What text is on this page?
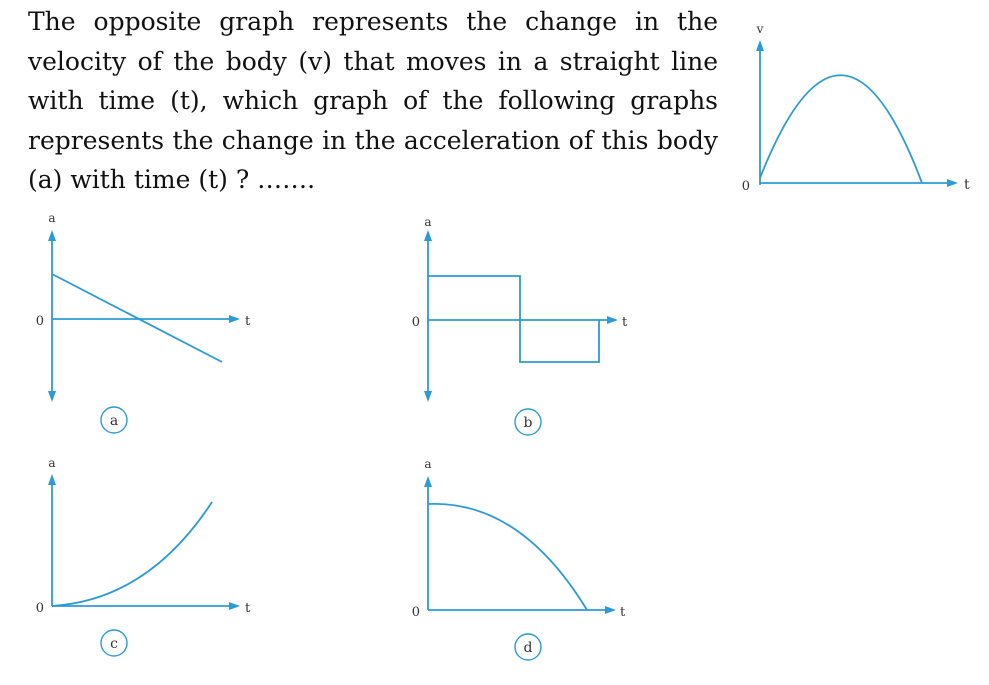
The opposite graph represents the change in the velocity of the body (v) that moves in a straight line with time (t), which graph of the following graphs represents the change in the acceleration of this body (a) with time (t) ? …….
v
t
0
a
t
0
a
a
t
0
b
a
t
0
c
a
t
0
d
